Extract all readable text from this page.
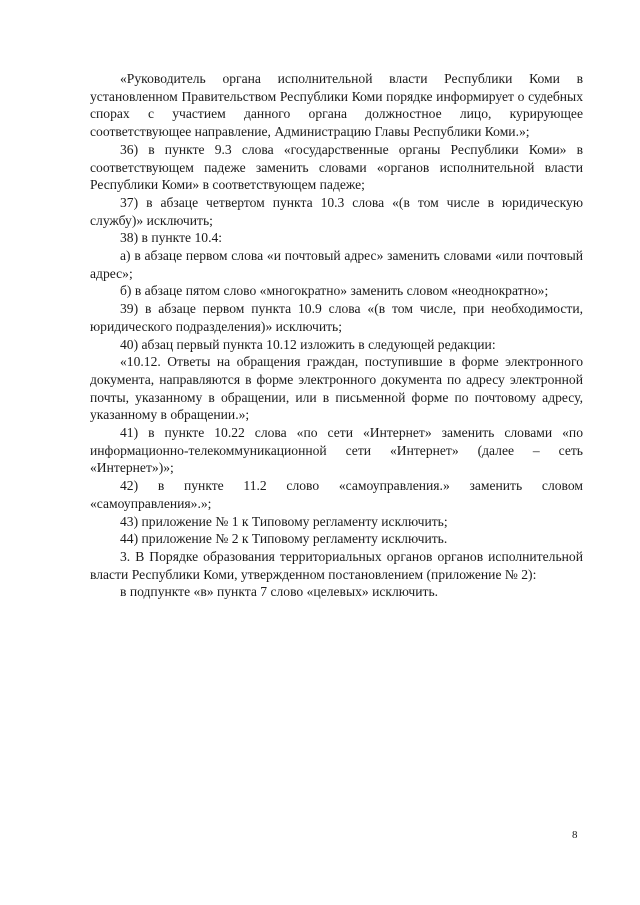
«Руководитель органа исполнительной власти Республики Коми в установленном Правительством Республики Коми порядке информирует о судебных спорах с участием данного органа должностное лицо, курирующее соответствующее направление, Администрацию Главы Республики Коми.»;

36) в пункте 9.3 слова «государственные органы Республики Коми» в соответствующем падеже заменить словами «органов исполнительной власти Республики Коми» в соответствующем падеже;

37) в абзаце четвертом пункта 10.3 слова «(в том числе в юридическую службу)» исключить;

38) в пункте 10.4:

а) в абзаце первом слова «и почтовый адрес» заменить словами «или почтовый адрес»;

б) в абзаце пятом слово «многократно» заменить словом «неоднократно»;

39) в абзаце первом пункта 10.9 слова «(в том числе, при необходимости, юридического подразделения)» исключить;

40) абзац первый пункта 10.12 изложить в следующей редакции:

«10.12. Ответы на обращения граждан, поступившие в форме электронного документа, направляются в форме электронного документа по адресу электронной почты, указанному в обращении, или в письменной форме по почтовому адресу, указанному в обращении.»;

41) в пункте 10.22 слова «по сети «Интернет» заменить словами «по информационно-телекоммуникационной сети «Интернет» (далее – сеть «Интернет»)»;

42) в пункте 11.2 слово «самоуправления.» заменить словом «самоуправления».»;

43) приложение № 1 к Типовому регламенту исключить;

44) приложение № 2 к Типовому регламенту исключить.

3. В Порядке образования территориальных органов органов исполнительной власти Республики Коми, утвержденном постановлением (приложение № 2):

в подпункте «в» пункта 7 слово «целевых» исключить.

8
